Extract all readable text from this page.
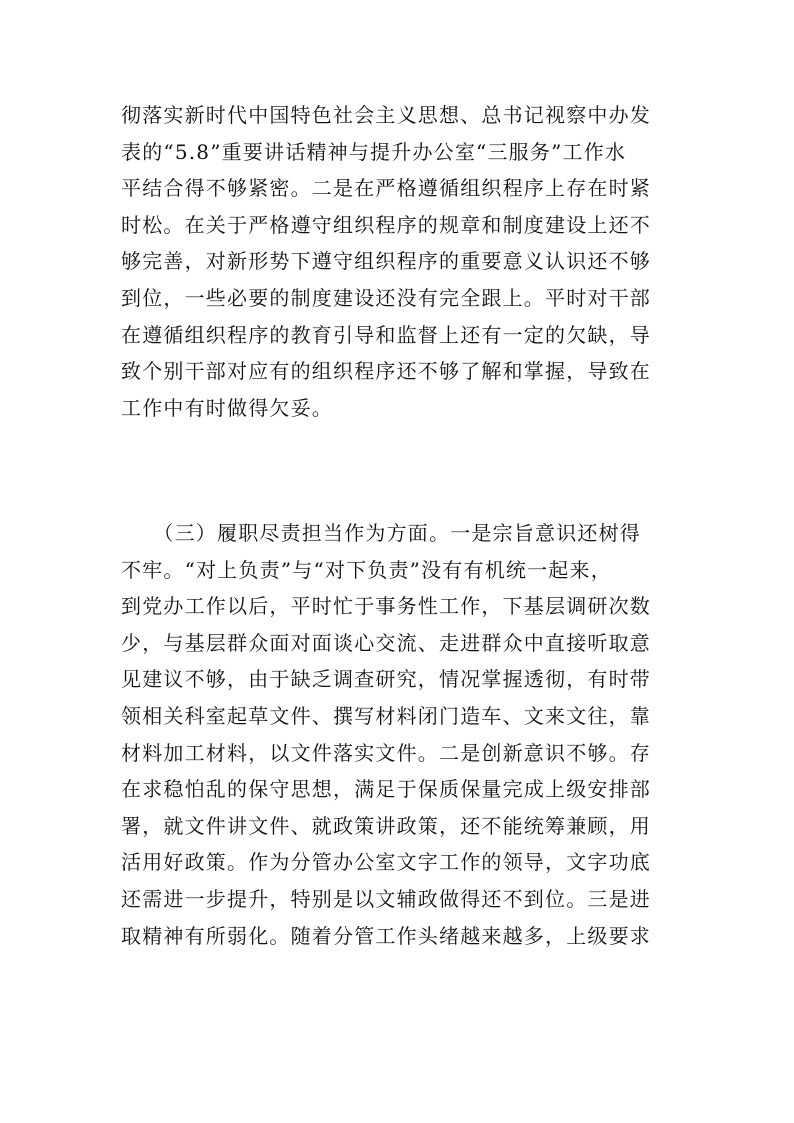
彻落实新时代中国特色社会主义思想、总书记视察中办发
表的“5.8”重要讲话精神与提升办公室“三服务”工作水
平结合得不够紧密。二是在严格遵循组织程序上存在时紧
时松。在关于严格遵守组织程序的规章和制度建设上还不
够完善，对新形势下遵守组织程序的重要意义认识还不够
到位，一些必要的制度建设还没有完全跟上。平时对干部
在遵循组织程序的教育引导和监督上还有一定的欠缺，导
致个别干部对应有的组织程序还不够了解和掌握，导致在
工作中有时做得欠妥。
　　（三）履职尽责担当作为方面。一是宗旨意识还树得
不牢。“对上负责”与“对下负责”没有有机统一起来，
到党办工作以后，平时忙于事务性工作，下基层调研次数
少，与基层群众面对面谈心交流、走进群众中直接听取意
见建议不够，由于缺乏调查研究，情况掌握透彻，有时带
领相关科室起草文件、撰写材料闭门造车、文来文往，靠
材料加工材料，以文件落实文件。二是创新意识不够。存
在求稳怕乱的保守思想，满足于保质保量完成上级安排部
署，就文件讲文件、就政策讲政策，还不能统筹兼顾，用
活用好政策。作为分管办公室文字工作的领导，文字功底
还需进一步提升，特别是以文辅政做得还不到位。三是进
取精神有所弱化。随着分管工作头绪越来越多，上级要求
